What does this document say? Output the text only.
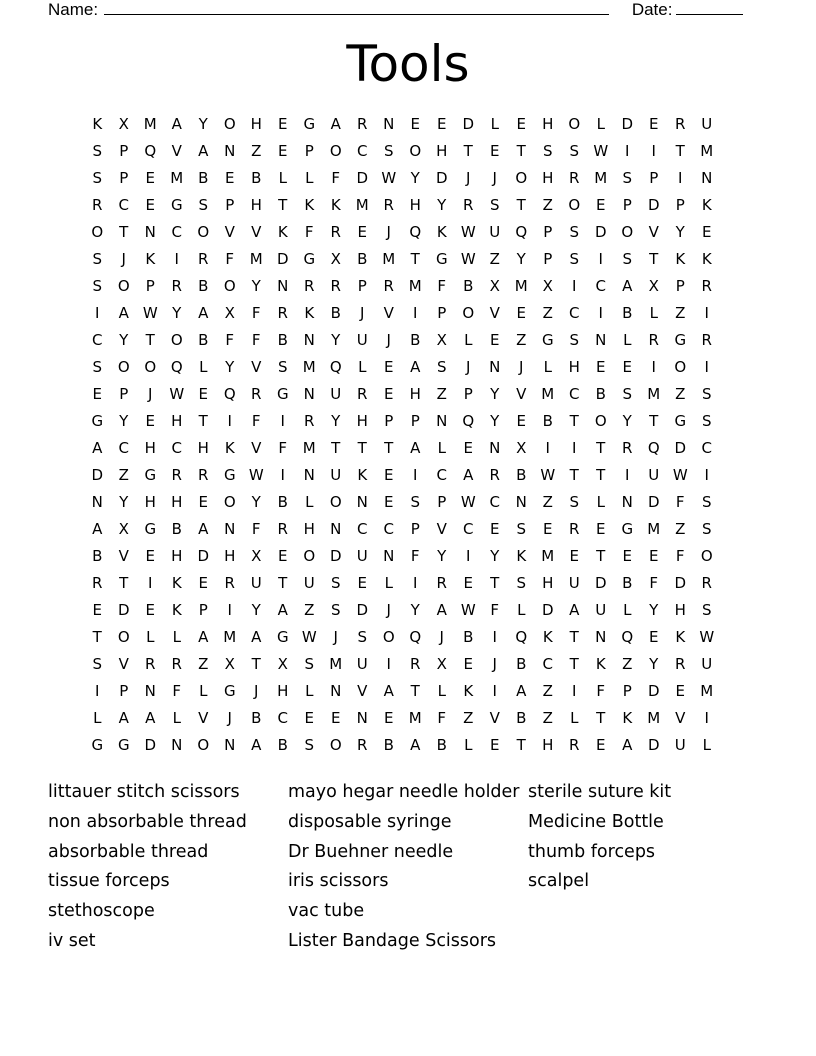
Name:	Date:
Tools
K	X M A	Y	O H	E	G	A	R	N	E	E	D	L	E	H O	L	D	E	R	U
S	P	Q	V	A	N	Z	E	P	O	C	S	O H	T	E	T	S	S W	I	I	T	M
S	P	E	M B	E	B	L	L	F	D W Y	D	J	J	O H	R M	S	P	I	N
R	C	E	G	S	P	H	T	K	K	M R	H	Y	R	S	T	Z	O	E	P	D	P	K
O	T	N	C	O	V	V	K	F	R	E	J	Q	K W U	Q	P	S	D O	V	Y	E
S	J	K	I	R	F	M D G	X	B M	T	G W Z	Y	P	S	I	S	T	K	K
S	O	P	R	B	O	Y	N	R	R	P	R M	F	B	X M X	I	C	A	X	P	R
I	A W Y	A	X	F	R	K	B	J	V	I	P	O	V	E	Z	C	I	B	L	Z	I
C	Y	T	O	B	F	F	B	N	Y	U	J	B	X	L	E	Z	G	S	N	L	R	G	R
S	O O Q	L	Y	V	S	M Q	L	E	A	S	J	N	J	L	H	E	E	I	O	I
E	P	J	W E	Q	R	G	N	U	R	E	H	Z	P	Y	V M C	B	S	M Z	S
G	Y	E	H	T	I	F	I	R	Y	H	P	P	N Q	Y	E	B	T	O	Y	T	G	S
A	C	H	C	H	K	V	F	M	T	T	T	A	L	E	N	X	I	I	T	R	Q D	C
D	Z	G	R	R	G W	I	N	U	K	E	I	C	A	R	B W T	T	I	U W	I
N	Y	H	H	E	O	Y	B	L	O N	E	S	P W C	N	Z	S	L	N	D	F	S
A	X	G	B	A	N	F	R	H	N	C	C	P	V	C	E	S	E	R	E	G M Z	S
B	V	E	H	D	H	X	E	O D	U	N	F	Y	I	Y	K	M	E	T	E	E	F	O
R	T	I	K	E	R	U	T	U	S	E	L	I	R	E	T	S	H	U	D	B	F	D	R
E	D	E	K	P	I	Y	A	Z	S	D	J	Y	A W F	L	D	A	U	L	Y	H	S
T	O	L	L	A M A	G W	J	S	O Q	J	B	I	Q	K	T	N Q	E	K W
S	V	R	R	Z	X	T	X	S	M U	I	R	X	E	J	B	C	T	K	Z	Y	R	U
I	P	N	F	L	G	J	H	L	N	V	A	T	L	K	I	A	Z	I	F	P	D	E	M
L	A	A	L	V	J	B	C	E	E	N	E	M	F	Z	V	B	Z	L	T	K	M V	I
G G D	N O N	A	B	S	O	R	B	A	B	L	E	T	H	R	E	A	D	U	L
littauer stitch scissors
non absorbable thread
absorbable thread
tissue forceps
stethoscope
iv set
mayo hegar needle holder
disposable syringe
Dr Buehner needle
iris scissors
vac tube
Lister Bandage Scissors
sterile suture kit
Medicine Bottle
thumb forceps
scalpel
